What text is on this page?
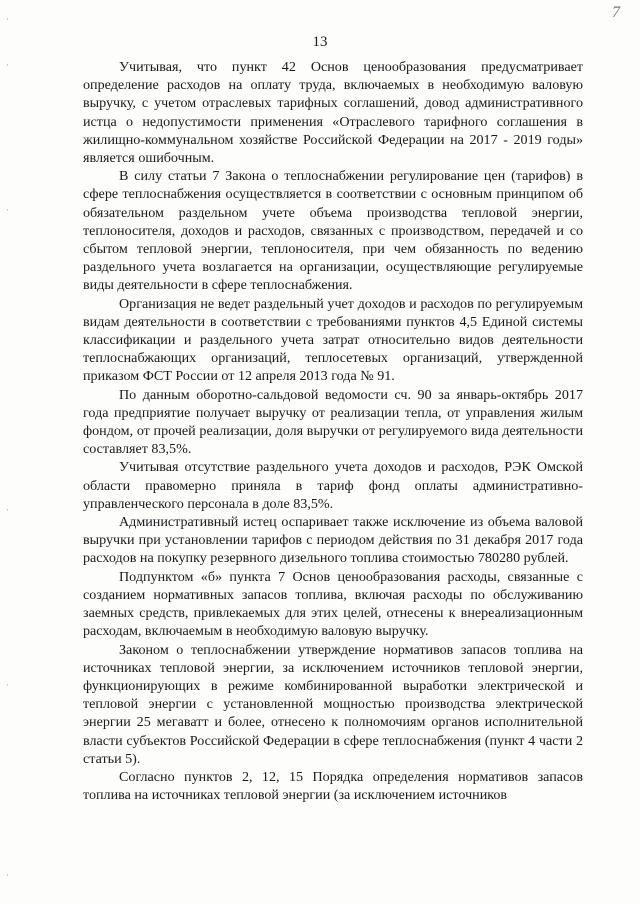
7
13
·
·
·
·
·
·

Учитывая, что пункт 42 Основ ценообразования предусматривает определение расходов на оплату труда, включаемых в необходимую валовую выручку, с учетом отраслевых тарифных соглашений, довод административного истца о недопустимости применения «Отраслевого тарифного соглашения в жилищно-коммунальном хозяйстве Российской Федерации на 2017 - 2019 годы» является ошибочным.

В силу статьи 7 Закона о теплоснабжении регулирование цен (тарифов) в сфере теплоснабжения осуществляется в соответствии с основным принципом об обязательном раздельном учете объема производства тепловой энергии, теплоносителя, доходов и расходов, связанных с производством, передачей и со сбытом тепловой энергии, теплоносителя, при чем обязанность по ведению раздельного учета возлагается на организации, осуществляющие регулируемые виды деятельности в сфере теплоснабжения.

Организация не ведет раздельный учет доходов и расходов по регулируемым видам деятельности в соответствии с требованиями пунктов 4,5 Единой системы классификации и раздельного учета затрат относительно видов деятельности теплоснабжающих организаций, теплосетевых организаций, утвержденной приказом ФСТ России от 12 апреля 2013 года № 91.

По данным оборотно-сальдовой ведомости сч. 90 за январь-октябрь 2017 года предприятие получает выручку от реализации тепла, от управления жилым фондом, от прочей реализации, доля выручки от регулируемого вида деятельности составляет 83,5%.

Учитывая отсутствие раздельного учета доходов и расходов, РЭК Омской области правомерно приняла в тариф фонд оплаты административно-управленческого персонала в доле 83,5%.

Административный истец оспаривает также исключение из объема валовой выручки при установлении тарифов с периодом действия по 31 декабря 2017 года расходов на покупку резервного дизельного топлива стоимостью 780280 рублей.

Подпунктом «б» пункта 7 Основ ценообразования расходы, связанные с созданием нормативных запасов топлива, включая расходы по обслуживанию заемных средств, привлекаемых для этих целей, отнесены к внереализационным расходам, включаемым в необходимую валовую выручку.

Законом о теплоснабжении утверждение нормативов запасов топлива на источниках тепловой энергии, за исключением источников тепловой энергии, функционирующих в режиме комбинированной выработки электрической и тепловой энергии с установленной мощностью производства электрической энергии 25 мегаватт и более, отнесено к полномочиям органов исполнительной власти субъектов Российской Федерации в сфере теплоснабжения (пункт 4 части 2 статьи 5).

Согласно пунктов 2, 12, 15 Порядка определения нормативов запасов топлива на источниках тепловой энергии (за исключением источников
